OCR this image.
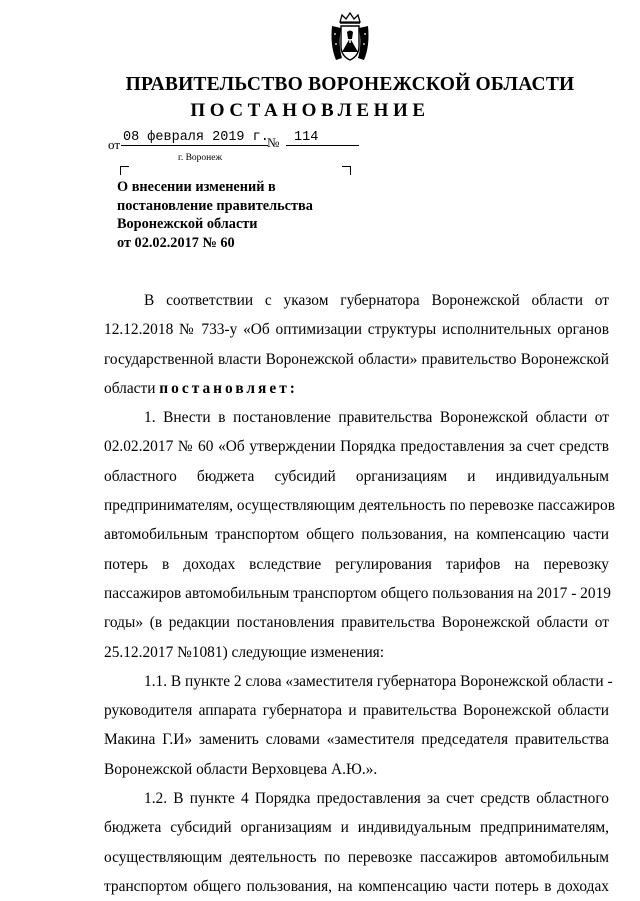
ПРАВИТЕЛЬСТВО ВОРОНЕЖСКОЙ ОБЛАСТИ
ПОСТАНОВЛЕНИЕ
от 08 февраля 2019 г.
№	114
г. Воронеж
О внесении изменений в
постановление правительства
Воронежской области
от 02.02.2017 № 60
В соответствии с указом губернатора Воронежской области от
12.12.2018 № 733-у «Об оптимизации структуры исполнительных органов
государственной власти Воронежской области» правительство Воронежской
области постановляет:
1. Внести в постановление правительства Воронежской области от
02.02.2017 № 60 «Об утверждении Порядка предоставления за счет средств
областного бюджета субсидий организациям и индивидуальным
предпринимателям, осуществляющим деятельность по перевозке пассажиров
автомобильным транспортом общего пользования, на компенсацию части
потерь в доходах вследствие регулирования тарифов на перевозку
пассажиров автомобильным транспортом общего пользования на 2017 - 2019
годы» (в редакции постановления правительства Воронежской области от
25.12.2017 №1081) следующие изменения:
1.1. В пункте 2 слова «заместителя губернатора Воронежской области -
руководителя аппарата губернатора и правительства Воронежской области
Макина Г.И» заменить словами «заместителя председателя правительства
Воронежской области Верховцева А.Ю.».
1.2. В пункте 4 Порядка предоставления за счет средств областного
бюджета субсидий организациям и индивидуальным предпринимателям,
осуществляющим деятельность по перевозке пассажиров автомобильным
транспортом общего пользования, на компенсацию части потерь в доходах
